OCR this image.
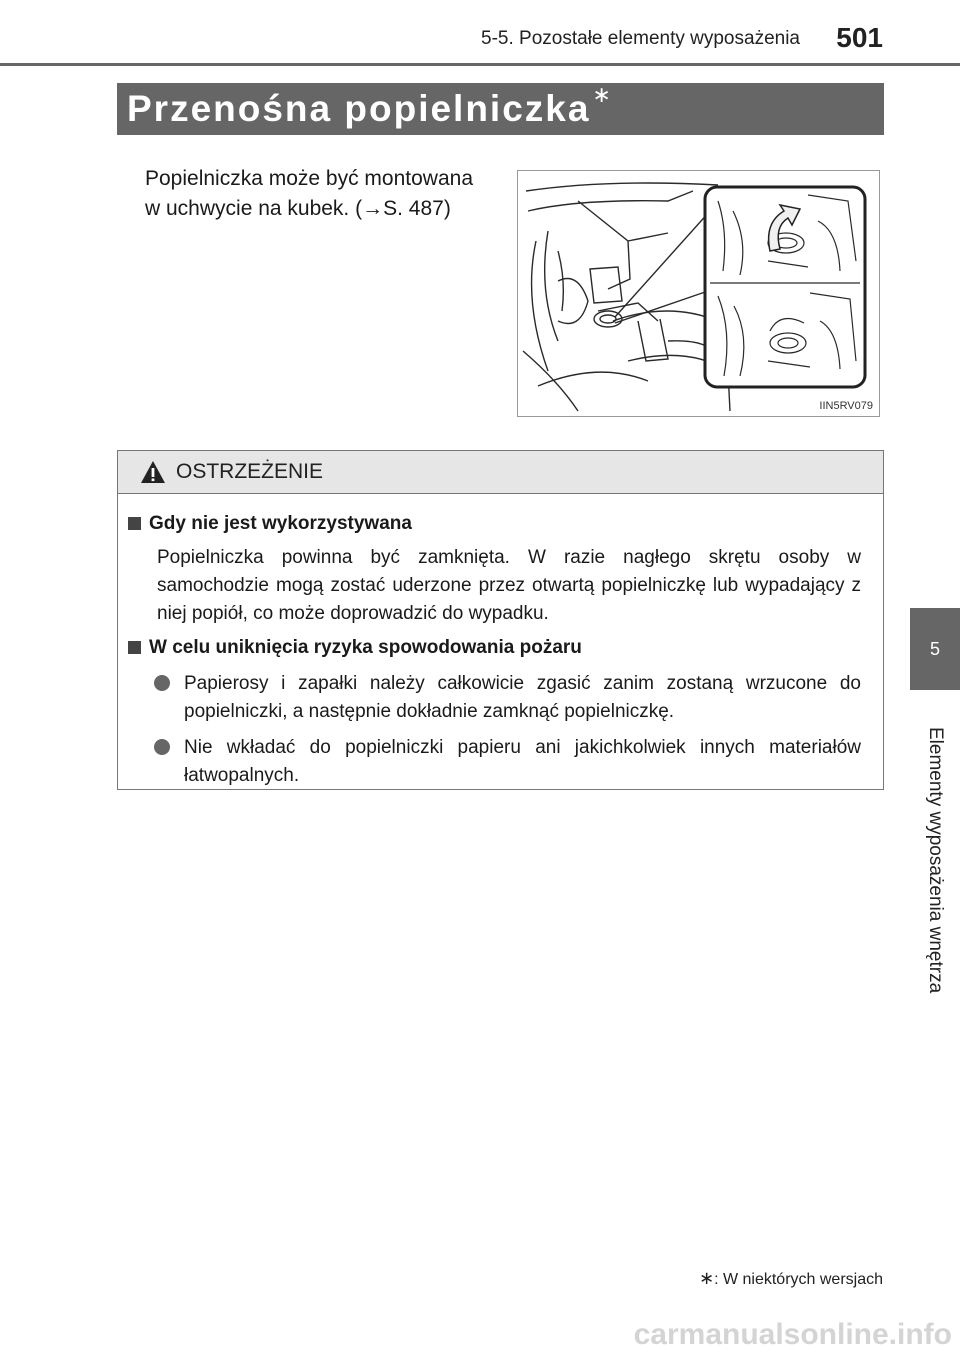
5-5. Pozostałe elementy wyposażenia 501
Przenośna popielniczka ∗

Popielniczka może być montowana

w uchwycie na kubek. (→S. 487)

IIN5RV079
OSTRZEŻENIE
Gdy nie jest wykorzystywana
Popielniczka powinna być zamknięta. W razie nagłego skrętu osoby w samochodzie mogą zostać uderzone przez otwartą popielniczkę lub wypadający z niej popiół, co może doprowadzić do wypadku.
W celu uniknięcia ryzyka spowodowania pożaru
Papierosy i zapałki należy całkowicie zgasić zanim zostaną wrzucone do popielniczki, a następnie dokładnie zamknąć popielniczkę.
Nie wkładać do popielniczki papieru ani jakichkolwiek innych materiałów łatwopalnych.
5
Elementy wyposażenia wnętrza
∗: W niektórych wersjach
carmanualsonline.info
